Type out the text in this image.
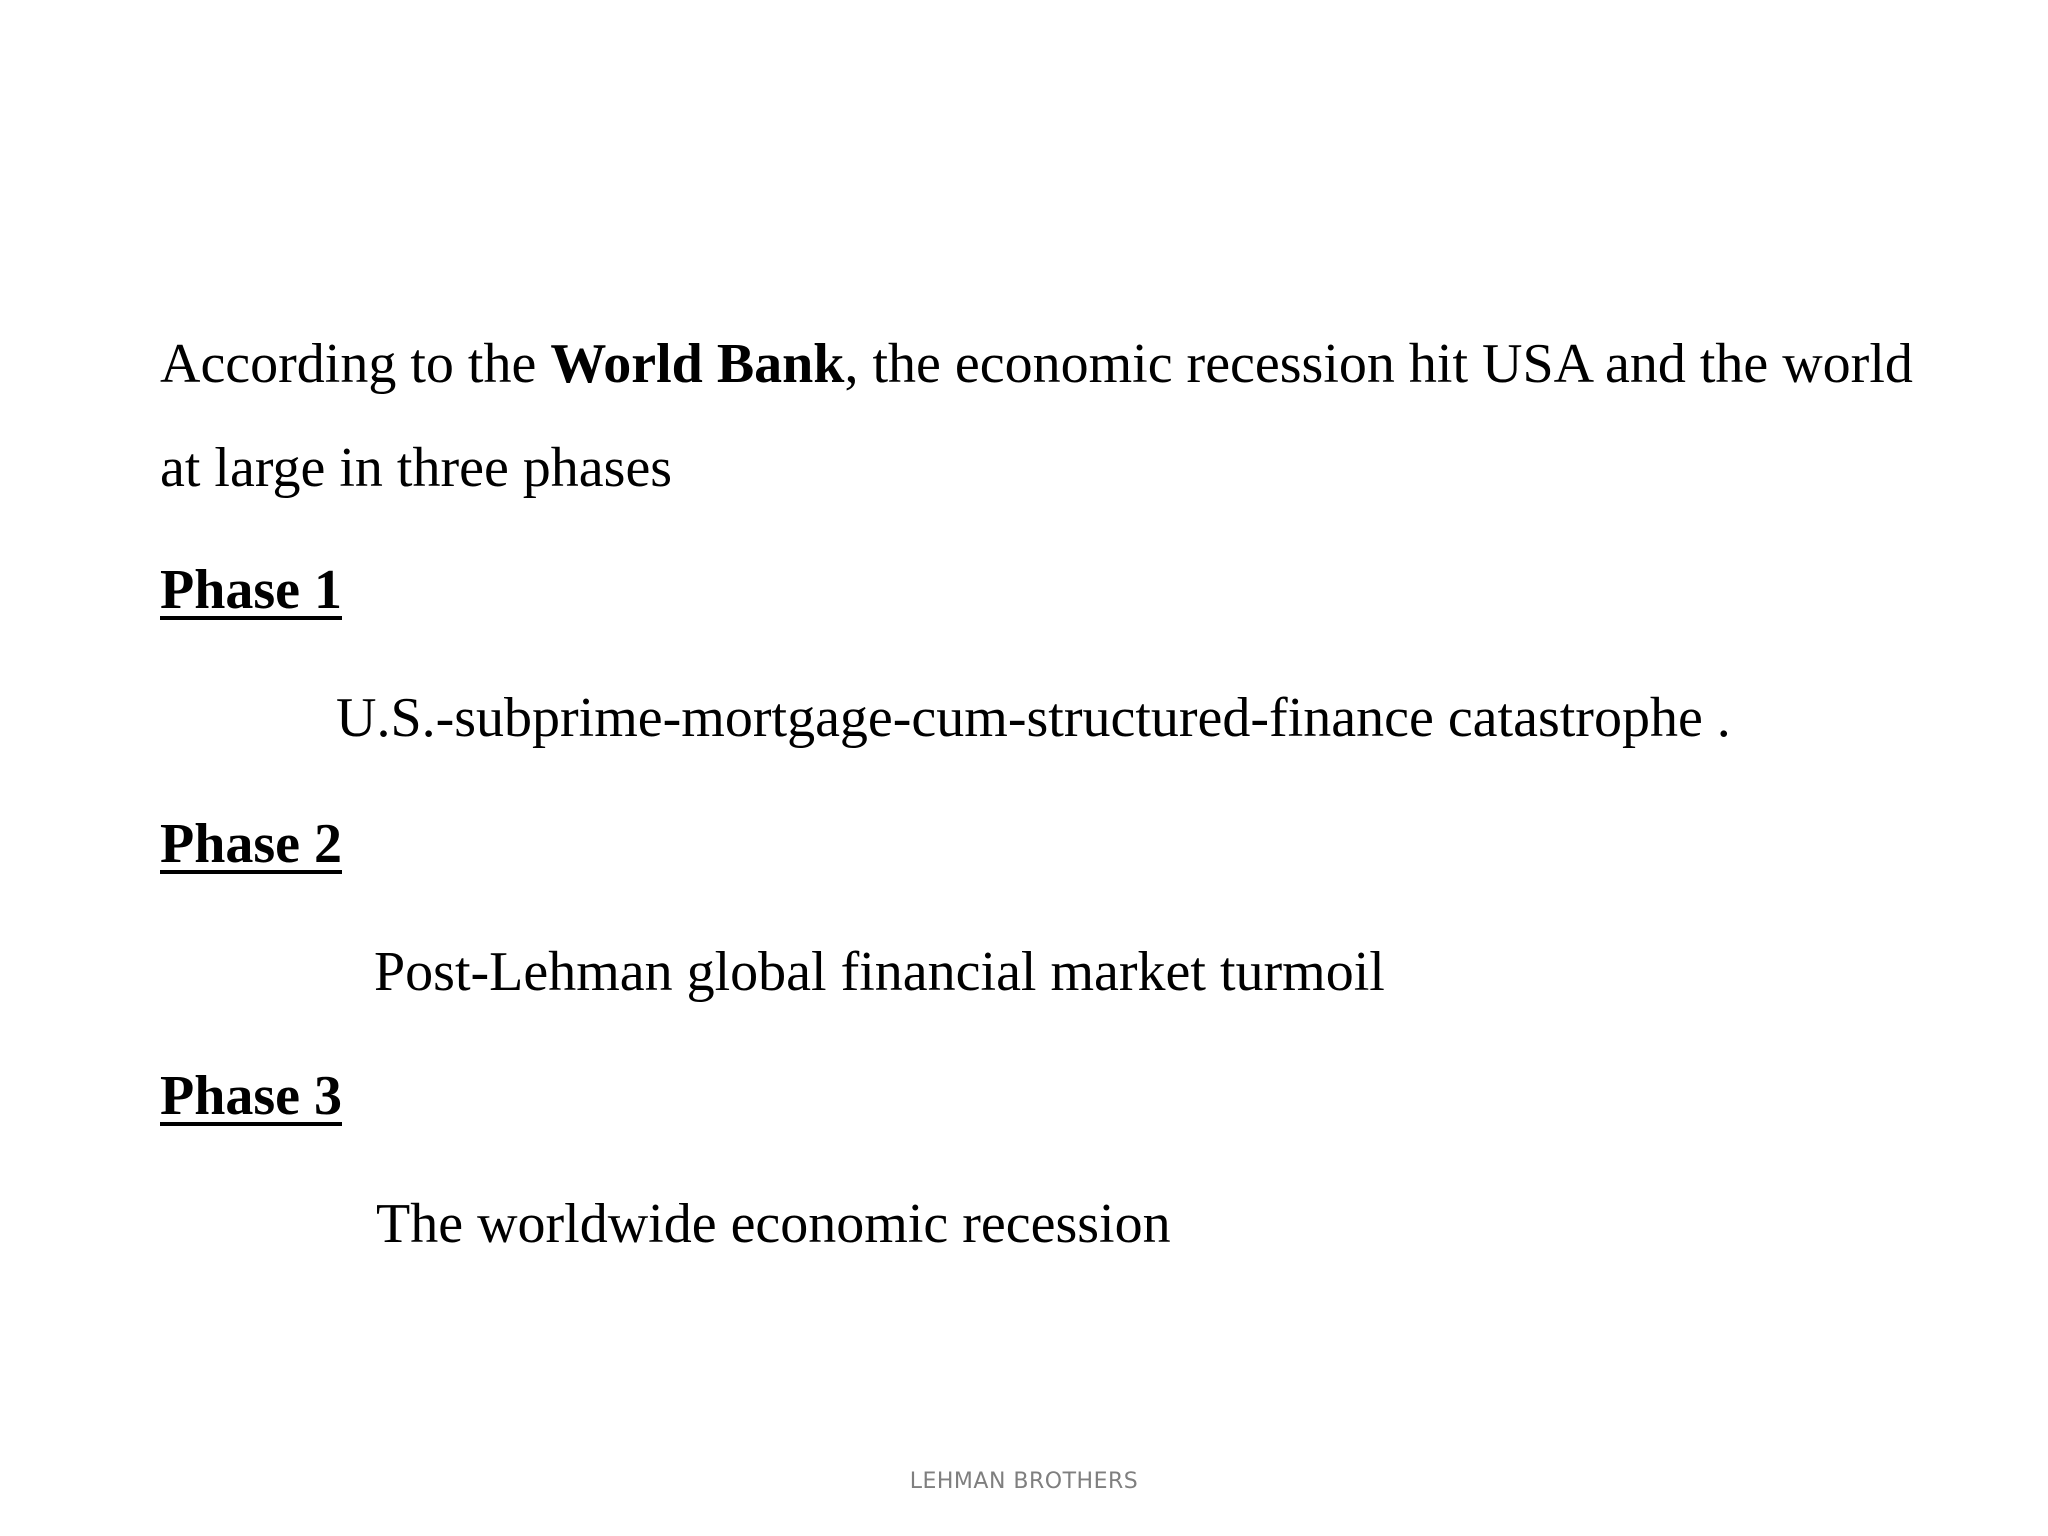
According to the World Bank, the economic recession hit USA and the world at large in three phases

Phase 1
U.S.-subprime-mortgage-cum-structured-finance catastrophe .
Phase 2
Post-Lehman global financial market turmoil
Phase 3
The worldwide economic recession
LEHMAN BROTHERS
